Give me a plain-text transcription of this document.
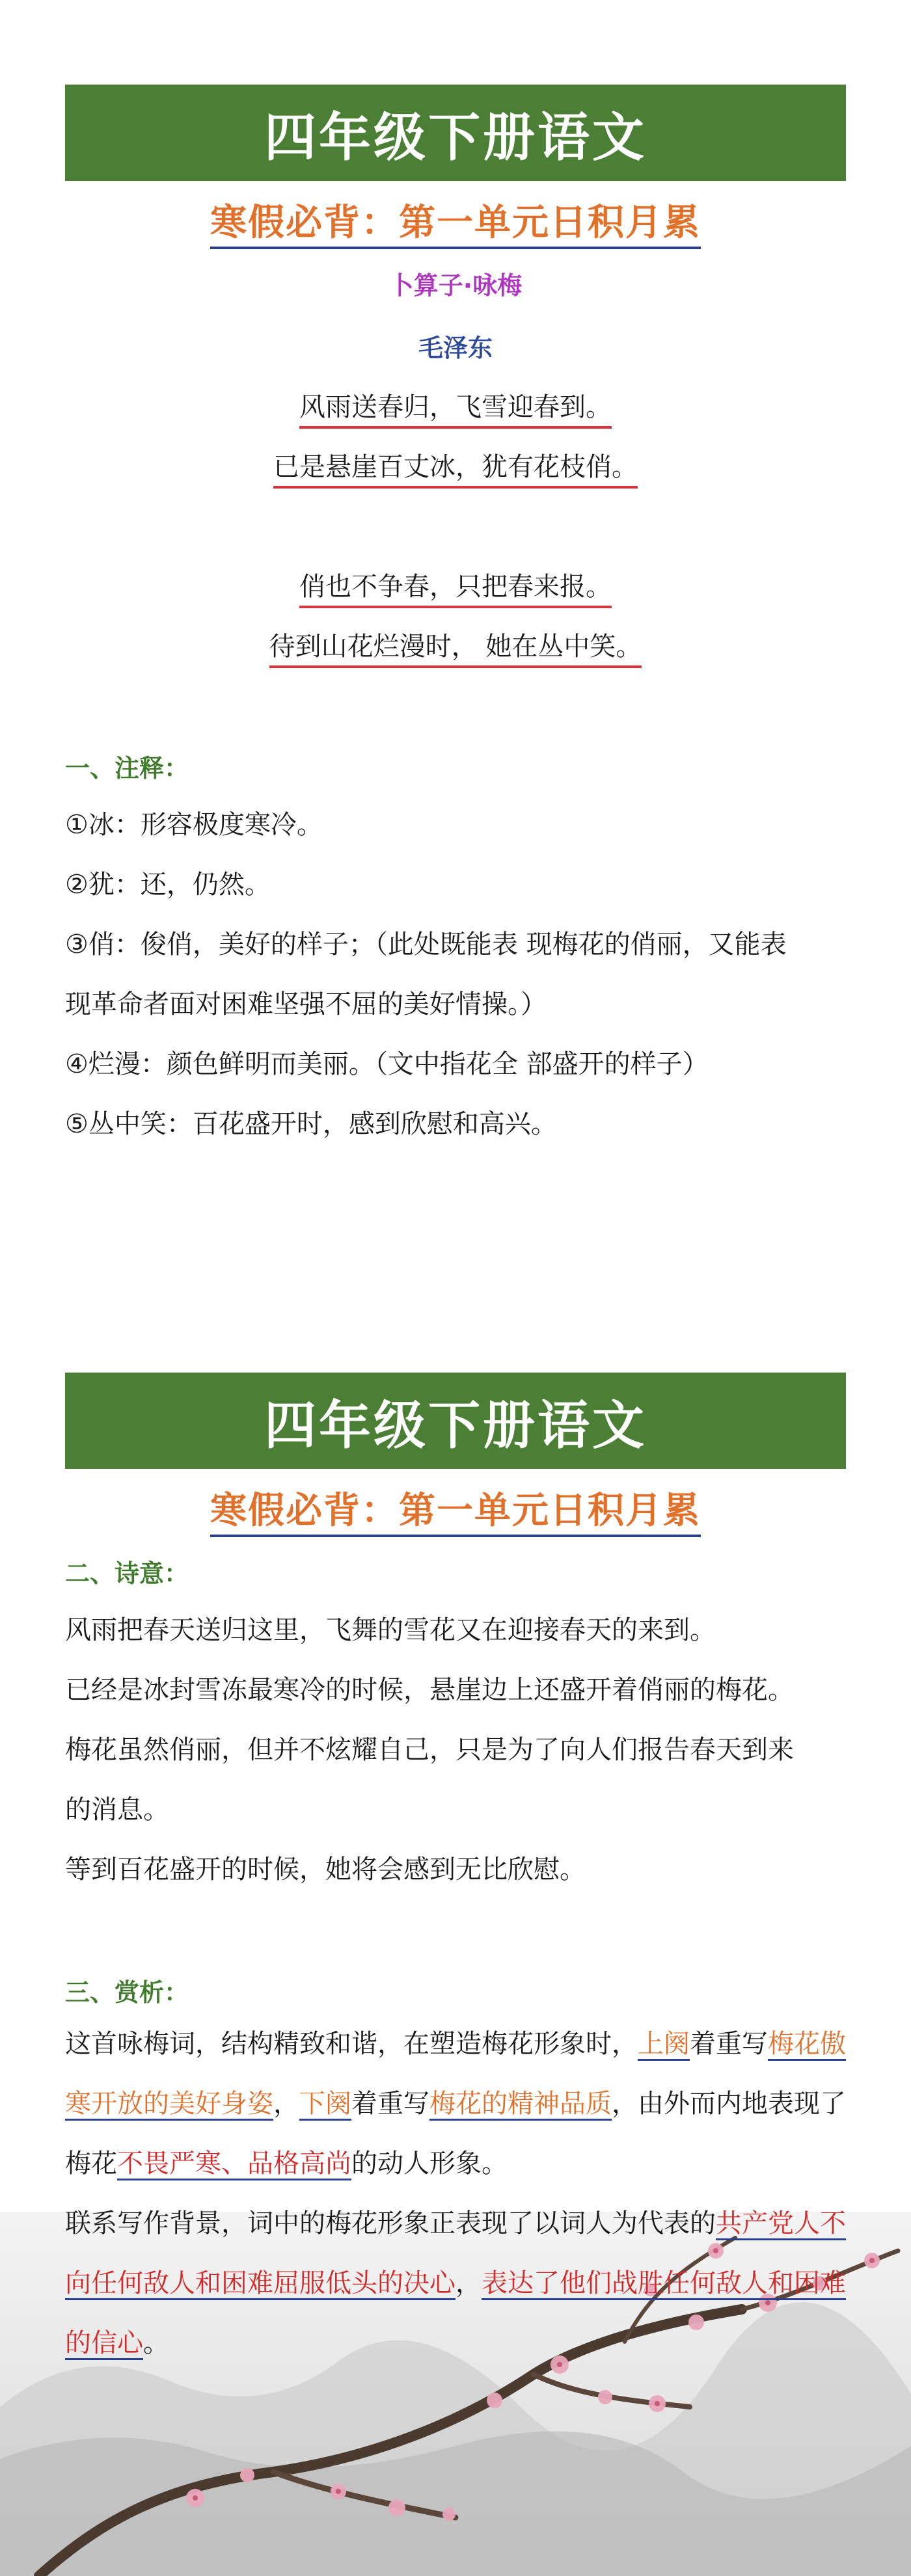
四年级下册语文
寒假必背：第一单元日积月累
卜算子·咏梅
毛泽东
风雨送春归，飞雪迎春到。
已是悬崖百丈冰，犹有花枝俏。
俏也不争春，只把春来报。
待到山花烂漫时， 她在丛中笑。
一、注释：
①冰：形容极度寒冷。
②犹：还，仍然。
③俏：俊俏，美好的样子；（此处既能表 现梅花的俏丽，又能表
现革命者面对困难坚强不屈的美好情操。）
④烂漫：颜色鲜明而美丽。（文中指花全 部盛开的样子）
⑤丛中笑：百花盛开时，感到欣慰和高兴。
四年级下册语文
寒假必背：第一单元日积月累
二、诗意：
风雨把春天送归这里，飞舞的雪花又在迎接春天的来到。
已经是冰封雪冻最寒冷的时候，悬崖边上还盛开着俏丽的梅花。
梅花虽然俏丽，但并不炫耀自己，只是为了向人们报告春天到来
的消息。
等到百花盛开的时候，她将会感到无比欣慰。
三、赏析：
这首咏梅词，结构精致和谐，在塑造梅花形象时，上阕着重写梅花傲寒开放的美好身姿，下阕着重写梅花的精神品质，由外而内地表现了梅花不畏严寒、品格高尚的动人形象。
联系写作背景，词中的梅花形象正表现了以词人为代表的共产党人不向任何敌人和困难屈服低头的决心，表达了他们战胜任何敌人和困难的信心。
